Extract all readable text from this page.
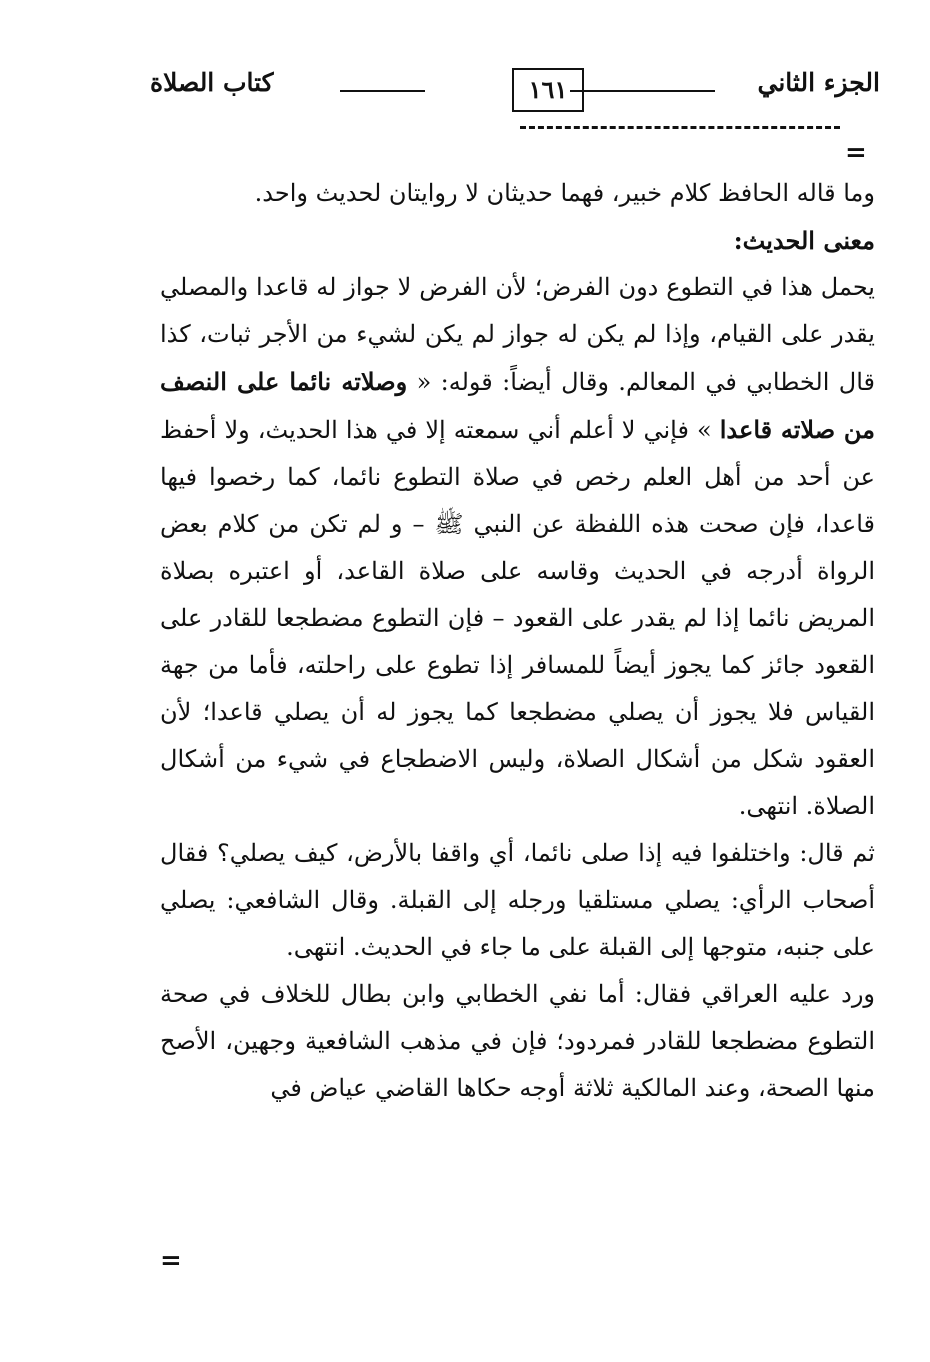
الجزء الثاني
١٦١
كتاب الصلاة
=

وما قاله الحافظ كلام خبير، فهما حديثان لا روايتان لحديث واحد.

معنى الحديث:

يحمل هذا في التطوع دون الفرض؛ لأن الفرض لا جواز له قاعدا والمصلي يقدر على القيام، وإذا لم يكن له جواز لم يكن لشيء من الأجر ثبات، كذا قال الخطابي في المعالم. وقال أيضاً: قوله: « وصلاته نائما على النصف من صلاته قاعدا » فإني لا أعلم أني سمعته إلا في هذا الحديث، ولا أحفظ عن أحد من أهل العلم رخص في صلاة التطوع نائما، كما رخصوا فيها قاعدا، فإن صحت هذه اللفظة عن النبي ﷺ – و لم تكن من كلام بعض الرواة أدرجه في الحديث وقاسه على صلاة القاعد، أو اعتبره بصلاة المريض نائما إذا لم يقدر على القعود – فإن التطوع مضطجعا للقادر على القعود جائز كما يجوز أيضاً للمسافر إذا تطوع على راحلته، فأما من جهة القياس فلا يجوز أن يصلي مضطجعا كما يجوز له أن يصلي قاعدا؛ لأن العقود شكل من أشكال الصلاة، وليس الاضطجاع في شيء من أشكال الصلاة. انتهى.

ثم قال: واختلفوا فيه إذا صلى نائما، أي واقفا بالأرض، كيف يصلي؟ فقال أصحاب الرأي: يصلي مستلقيا ورجله إلى القبلة. وقال الشافعي: يصلي على جنبه، متوجها إلى القبلة على ما جاء في الحديث. انتهى.

ورد عليه العراقي فقال: أما نفي الخطابي وابن بطال للخلاف في صحة التطوع مضطجعا للقادر فمردود؛ فإن في مذهب الشافعية وجهين، الأصح منها الصحة، وعند المالكية ثلاثة أوجه حكاها القاضي عياض في

=
